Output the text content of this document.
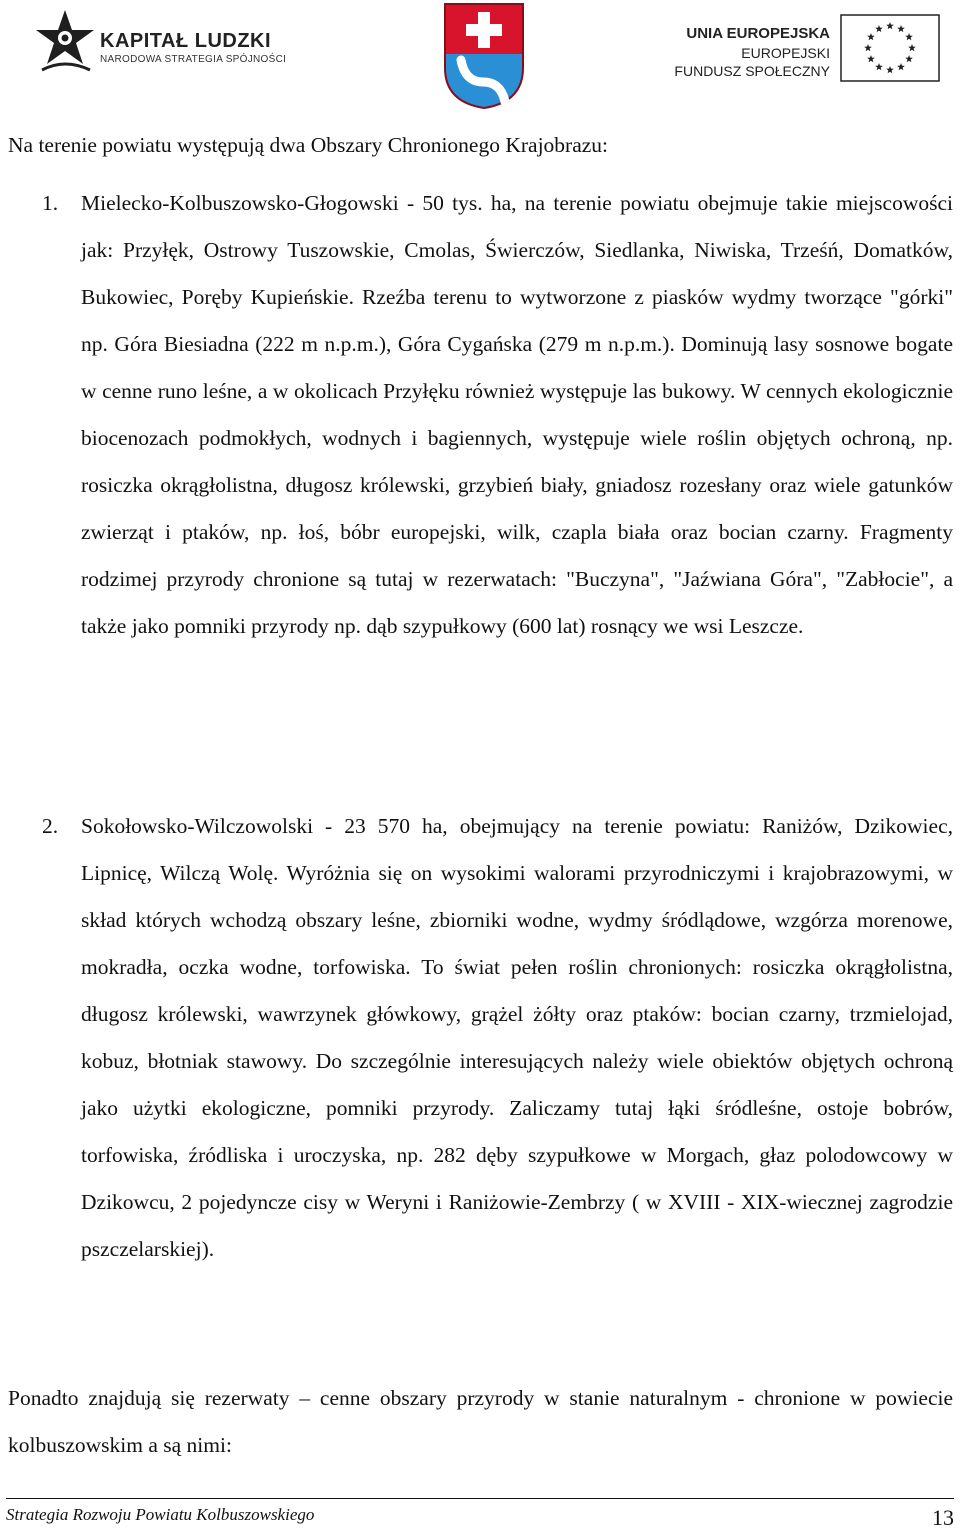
KAPITAŁ LUDZKI
NARODOWA STRATEGIA SPÓJNOŚCI
UNIA EUROPEJSKA
EUROPEJSKI
FUNDUSZ SPOŁECZNY

Na terenie powiatu występują dwa Obszary Chronionego Krajobrazu:

1. Mielecko-Kolbuszowsko-Głogowski - 50 tys. ha, na terenie powiatu obejmuje takie miejscowości jak: Przyłęk, Ostrowy Tuszowskie, Cmolas, Świerczów, Siedlanka, Niwiska, Trześń, Domatków, Bukowiec, Poręby Kupieńskie. Rzeźba terenu to wytworzone z piasków wydmy tworzące "górki" np. Góra Biesiadna (222 m n.p.m.), Góra Cygańska (279 m n.p.m.). Dominują lasy sosnowe bogate w cenne runo leśne, a w okolicach Przyłęku również występuje las bukowy. W cennych ekologicznie biocenozach podmokłych, wodnych i bagiennych, występuje wiele roślin objętych ochroną, np. rosiczka okrągłolistna, długosz królewski, grzybień biały, gniadosz rozesłany oraz wiele gatunków zwierząt i ptaków, np. łoś, bóbr europejski, wilk, czapla biała oraz bocian czarny. Fragmenty rodzimej przyrody chronione są tutaj w rezerwatach: "Buczyna", "Jaźwiana Góra", "Zabłocie", a także jako pomniki przyrody np. dąb szypułkowy (600 lat) rosnący we wsi Leszcze.

2. Sokołowsko-Wilczowolski - 23 570 ha, obejmujący na terenie powiatu: Raniżów, Dzikowiec, Lipnicę, Wilczą Wolę. Wyróżnia się on wysokimi walorami przyrodniczymi i krajobrazowymi, w skład których wchodzą obszary leśne, zbiorniki wodne, wydmy śródlądowe, wzgórza morenowe, mokradła, oczka wodne, torfowiska. To świat pełen roślin chronionych: rosiczka okrągłolistna, długosz królewski, wawrzynek główkowy, grążel żółty oraz ptaków: bocian czarny, trzmielojad, kobuz, błotniak stawowy. Do szczególnie interesujących należy wiele obiektów objętych ochroną jako użytki ekologiczne, pomniki przyrody. Zaliczamy tutaj łąki śródleśne, ostoje bobrów, torfowiska, źródliska i uroczyska, np. 282 dęby szypułkowe w Morgach, głaz polodowcowy w Dzikowcu, 2 pojedyncze cisy w Weryni i Raniżowie-Zembrzy ( w XVIII - XIX-wiecznej zagrodzie pszczelarskiej).

Ponadto znajdują się rezerwaty – cenne obszary przyrody w stanie naturalnym - chronione w powiecie kolbuszowskim a są nimi:

Strategia Rozwoju Powiatu Kolbuszowskiego	13
